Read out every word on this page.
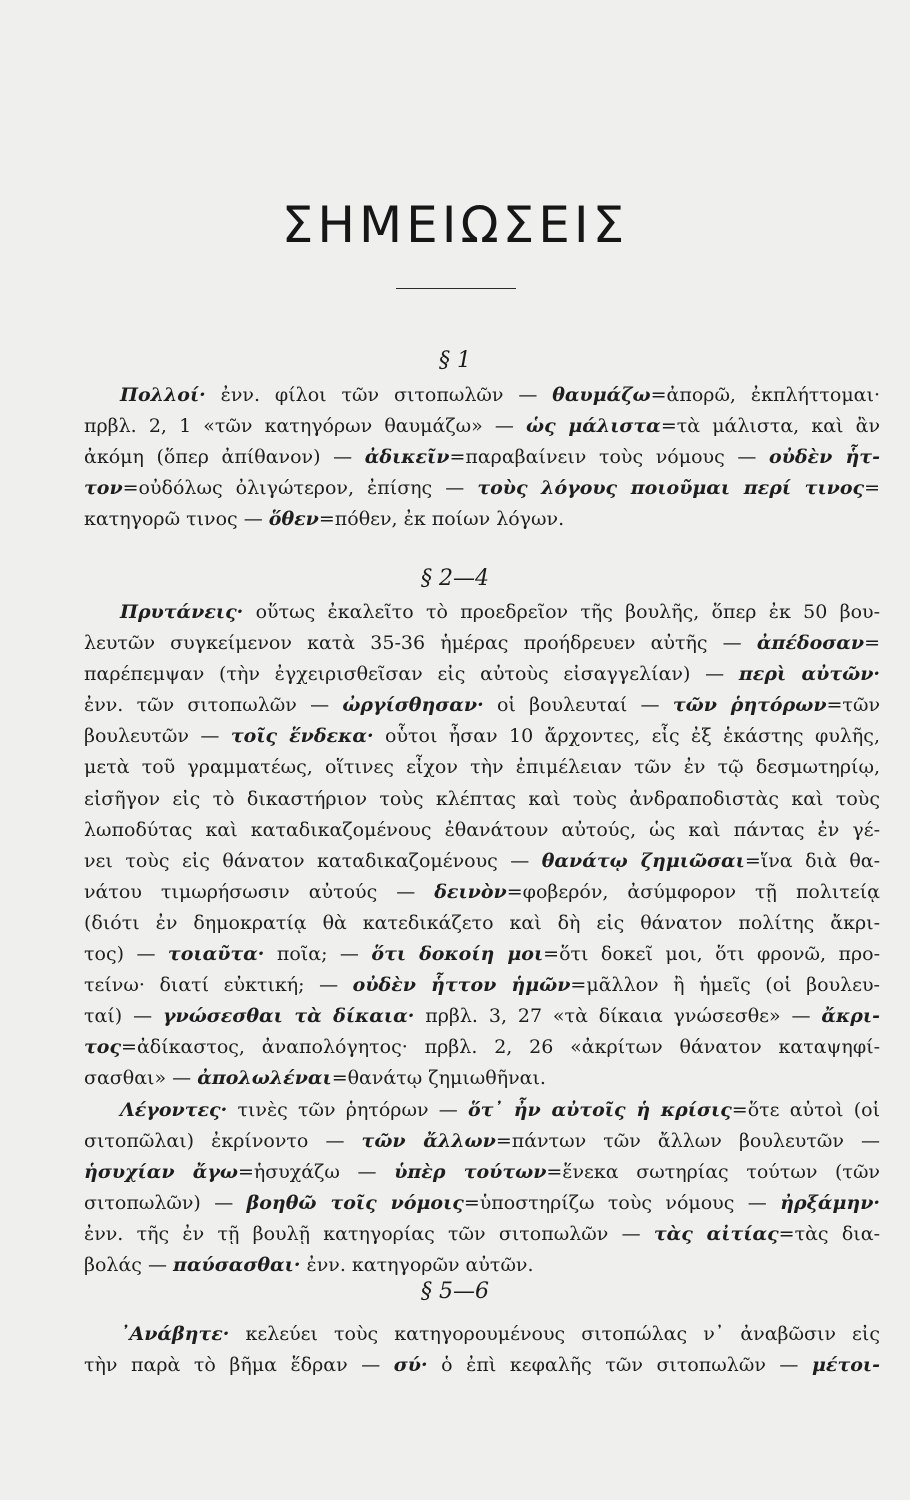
ΣΗΜΕΙΩΣΕΙΣ
§ 1
Πολλοί· ἐνν. φίλοι τῶν σιτοπωλῶν — θαυμάζω=ἀπορῶ, ἐκπλήττομαι·
πρβλ. 2, 1 «τῶν κατηγόρων θαυμάζω» — ὡς μάλιστα=τὰ μάλιστα, καὶ ἂν
ἀκόμη (ὅπερ ἀπίθανον) — ἀδικεῖν=παραβαίνειν τοὺς νόμους — οὐδὲν ἧτ-
τον=οὐδόλως ὀλιγώτερον, ἐπίσης — τοὺς λόγους ποιοῦμαι περί τινος=
κατηγορῶ τινος — ὅθεν=πόθεν, ἐκ ποίων λόγων.
§ 2—4
Πρυτάνεις· οὕτως ἐκαλεῖτο τὸ προεδρεῖον τῆς βουλῆς, ὅπερ ἐκ 50 βου-
λευτῶν συγκείμενον κατὰ 35-36 ἡμέρας προήδρευεν αὐτῆς — ἀπέδοσαν=
παρέπεμψαν (τὴν ἐγχειρισθεῖσαν εἰς αὐτοὺς εἰσαγγελίαν) — περὶ αὐτῶν·
ἐνν. τῶν σιτοπωλῶν — ὠργίσθησαν· οἱ βουλευταί — τῶν ῥητόρων=τῶν
βουλευτῶν — τοῖς ἕνδεκα· οὗτοι ἦσαν 10 ἄρχοντες, εἷς ἐξ ἑκάστης φυλῆς,
μετὰ τοῦ γραμματέως, οἵτινες εἶχον τὴν ἐπιμέλειαν τῶν ἐν τῷ δεσμωτηρίῳ,
εἰσῆγον εἰς τὸ δικαστήριον τοὺς κλέπτας καὶ τοὺς ἀνδραποδιστὰς καὶ τοὺς
λωποδύτας καὶ καταδικαζομένους ἐθανάτουν αὐτούς, ὡς καὶ πάντας ἐν γέ-
νει τοὺς εἰς θάνατον καταδικαζομένους — θανάτῳ ζημιῶσαι=ἵνα διὰ θα-
νάτου τιμωρήσωσιν αὐτούς — δεινὸν=φοβερόν, ἀσύμφορον τῇ πολιτείᾳ
(διότι ἐν δημοκρατίᾳ θὰ κατεδικάζετο καὶ δὴ εἰς θάνατον πολίτης ἄκρι-
τος) — τοιαῦτα· ποῖα; — ὅτι δοκοίη μοι=ὅτι δοκεῖ μοι, ὅτι φρονῶ, προ-
τείνω· διατί εὐκτική; — οὐδὲν ἧττον ἡμῶν=μᾶλλον ἢ ἡμεῖς (οἱ βουλευ-
ταί) — γνώσεσθαι τὰ δίκαια· πρβλ. 3, 27 «τὰ δίκαια γνώσεσθε» — ἄκρι-
τος=ἀδίκαστος, ἀναπολόγητος· πρβλ. 2, 26 «ἀκρίτων θάνατον καταψηφί-
σασθαι» — ἀπολωλέναι=θανάτῳ ζημιωθῆναι.
Λέγοντες· τινὲς τῶν ῥητόρων — ὅτ᾽ ἦν αὐτοῖς ἡ κρίσις=ὅτε αὐτοὶ (οἱ
σιτοπῶλαι) ἐκρίνοντο — τῶν ἄλλων=πάντων τῶν ἄλλων βουλευτῶν —
ἡσυχίαν ἄγω=ἡσυχάζω — ὑπὲρ τούτων=ἕνεκα σωτηρίας τούτων (τῶν
σιτοπωλῶν) — βοηθῶ τοῖς νόμοις=ὑποστηρίζω τοὺς νόμους — ἠρξάμην·
ἐνν. τῆς ἐν τῇ βουλῇ κατηγορίας τῶν σιτοπωλῶν — τὰς αἰτίας=τὰς δια-
βολάς — παύσασθαι· ἐνν. κατηγορῶν αὐτῶν.
§ 5—6
᾽Ανάβητε· κελεύει τοὺς κατηγορουμένους σιτοπώλας ν᾽ ἀναβῶσιν εἰς
τὴν παρὰ τὸ βῆμα ἕδραν — σύ· ὁ ἐπὶ κεφαλῆς τῶν σιτοπωλῶν — μέτοι-
